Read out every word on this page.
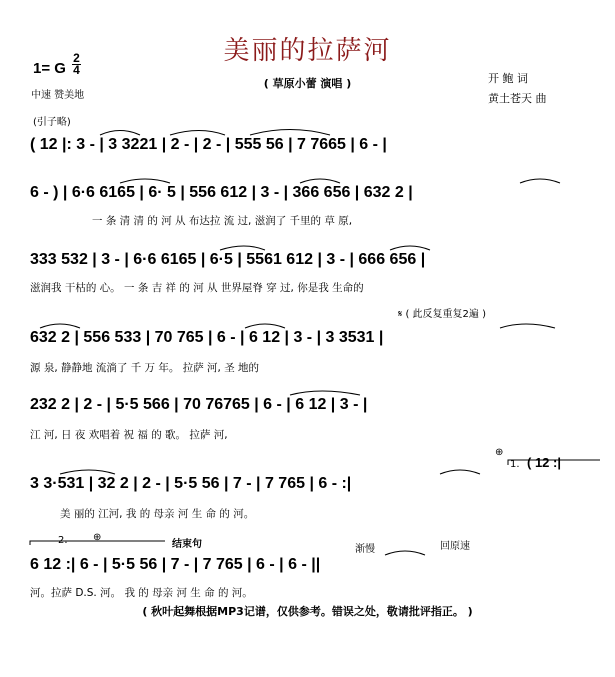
美丽的拉萨河
1= G
2
4
中速 赞美地
( 草原小蕾 演唱 )	开 鲍 词
黄土苍天 曲
(引子略)
( 12 |: 3 - | 3 3221 | 2 - | 2 - | 555 56 | 7 7665 | 6 - |
6 - ) | 6·6 6165 | 6· 5 | 556 612 | 3 - | 366 656 | 632 2 |
一 条 清 清 的 河 从 布达拉 流 过, 滋润了 千里的 草 原,
333 532 | 3 - | 6·6 6165 | 6·5 | 5561 612 | 3 - | 666 656 |
滋润我 干枯的 心。 一 条 吉 祥 的 河 从 世界屋脊 穿 过, 你是我 生命的
𝄋 ( 此反复重复2遍 )
632 2 | 556 533 | 70 765 | 6 - | 6 12 | 3 - | 3 3531 |
源 泉, 静静地 流淌了 千 万 年。 拉萨 河, 圣 地的
232 2 | 2 - | 5·5 566 | 70 76765 | 6 - | 6 12 | 3 - |
江 河, 日 夜 欢唱着 祝 福 的 歌。 拉萨 河,
⊕
1. ( 12 :|
3 3·531 | 32 2 | 2 - | 5·5 56 | 7 - | 7 765 | 6 - :|
美 丽的 江河, 我 的 母亲 河 生 命 的 河。
2.	⊕
结束句	渐慢	回原速
6 12 :| 6 - | 5·5 56 | 7 - | 7 765 | 6 - | 6 - ||
河。拉萨 D.S. 河。 我 的 母亲 河 生 命 的 河。
( 秋叶起舞根据MP3记谱，仅供参考。错误之处，敬请批评指正。 )
